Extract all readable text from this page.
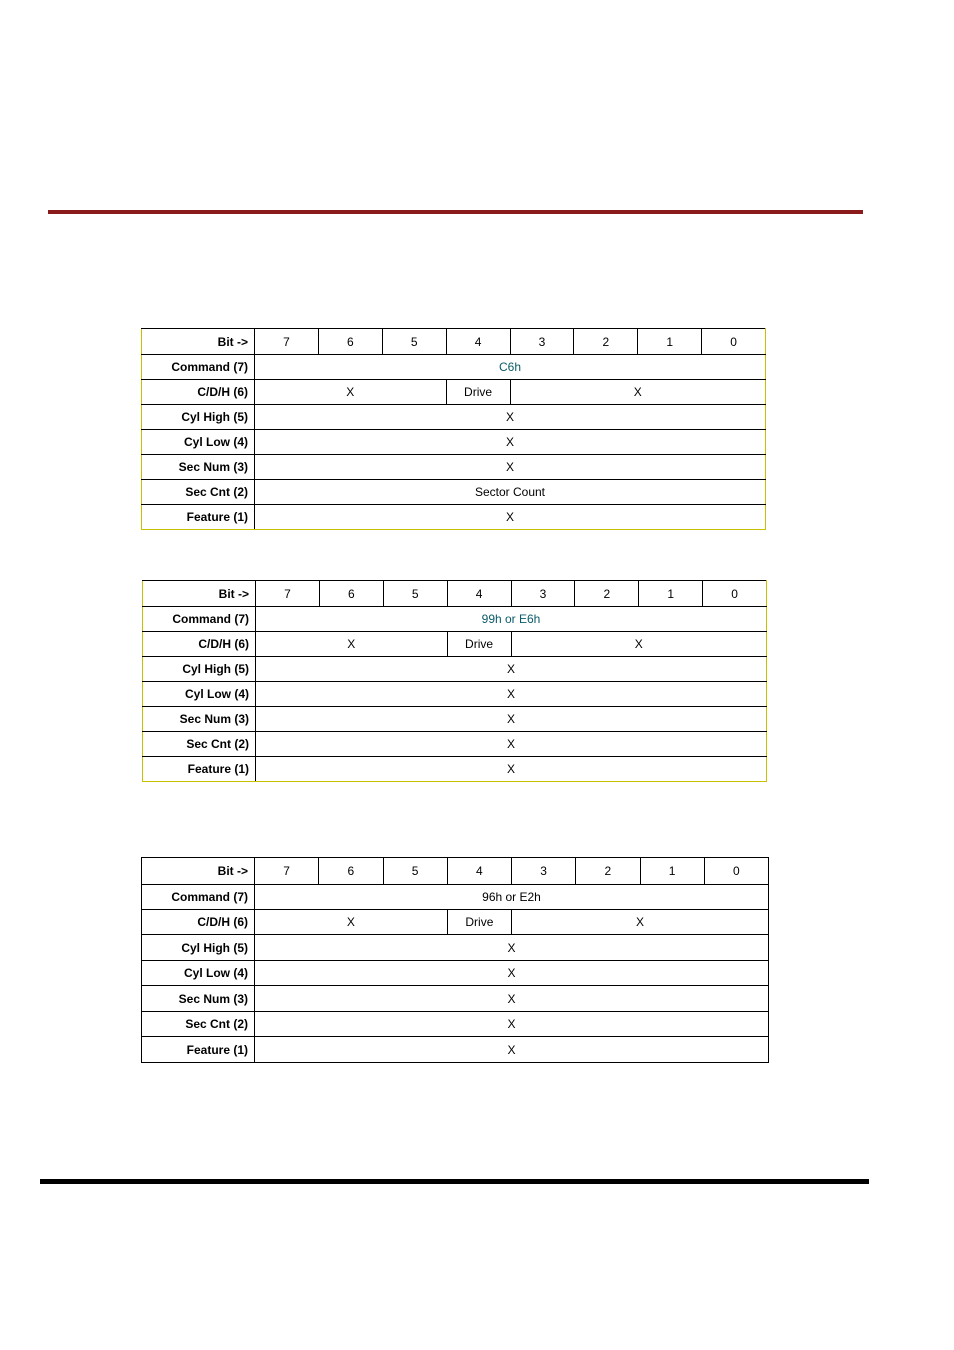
Bit ->	7	6	5	4	3	2	1	0
Command (7)	C6h							
C/D/H (6)	X			Drive	X			
Cyl High (5)	X							
Cyl Low (4)	X							
Sec Num (3)	X							
Sec Cnt (2)	Sector Count							
Feature (1)	X							
Bit ->	7	6	5	4	3	2	1	0
Command (7)	99h or E6h							
C/D/H (6)	X			Drive	X			
Cyl High (5)	X							
Cyl Low (4)	X							
Sec Num (3)	X							
Sec Cnt (2)	X							
Feature (1)	X							
Bit ->	7	6	5	4	3	2	1	0
Command (7)	96h or E2h							
C/D/H (6)	X			Drive	X			
Cyl High (5)	X							
Cyl Low (4)	X							
Sec Num (3)	X							
Sec Cnt (2)	X							
Feature (1)	X							
